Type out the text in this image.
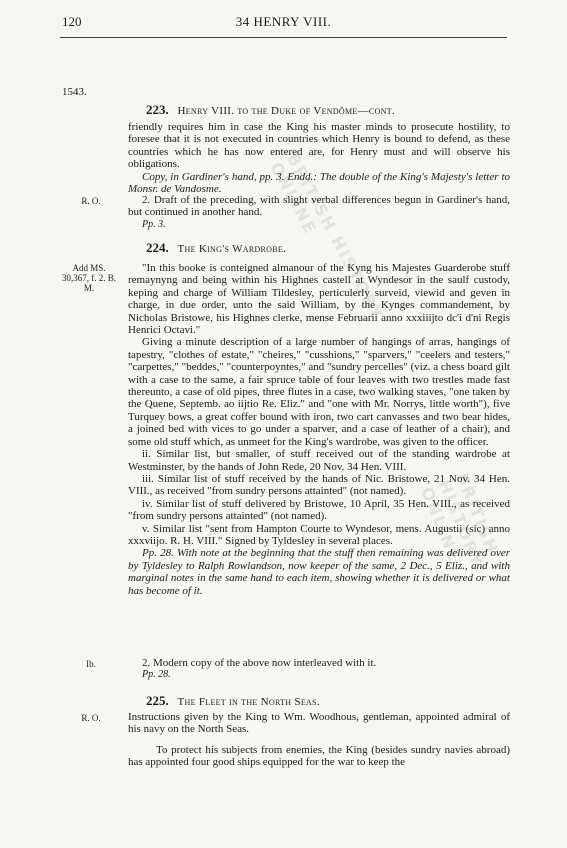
BRITISH HISTORY ONLINE
BRITISH HISTORY ONLINE
120	34 HENRY VIII.
1543.
223. Henry VIII. to the Duke of Vendôme—cont.

friendly requires him in case the King his master minds to prosecute hostility, to foresee that it is not executed in countries which Henry is bound to defend, as these countries which he has now entered are, for Henry must and will observe his obligations.

Copy, in Gardiner's hand, pp. 3. Endd.: The double of the King's Majesty's letter to Monsr. de Vandosme.

R. O.	2. Draft of the preceding, with slight verbal differences begun in Gardiner's hand, but continued in another hand.

Pp. 3.
224. The King's Wardrobe.
Add MS. 30,367, f. 2. B. M.

"In this booke is conteigned almanour of the Kyng his Majestes Guarderobe stuff remaynyng and being within his Highnes castell at Wyndesor in the saulf custody, keping and charge of William Tildesley, perticulerly surveid, viewid and geven in charge, in due order, unto the said William, by the Kynges commandement, by Nicholas Bristowe, his Highnes clerke, mense Februarii anno xxxiiijto dc'i d'ni Regis Henrici Octavi."

Giving a minute description of a large number of hangings of arras, hangings of tapestry, "clothes of estate," "cheires," "cusshions," "sparvers," "ceelers and testers," "carpettes," "beddes," "counterpoyntes," and "sundry percelles" (viz. a chess board gilt with a case to the same, a fair spruce table of four leaves with two trestles made fast thereunto, a case of old pipes, three flutes in a case, two walking staves, "one taken by the Quene, Septemb. ao iijtio Re. Eliz." and "one with Mr. Norrys, little worth"), five Turquey bows, a great coffer bound with iron, two cart canvasses and two bear hides, a joined bed with vices to go under a sparver, and a case of leather of a chair), and some old stuff which, as unmeet for the King's wardrobe, was given to the officer.

ii. Similar list, but smaller, of stuff received out of the standing wardrobe at Westminster, by the hands of John Rede, 20 Nov. 34 Hen. VIII.

iii. Similar list of stuff received by the hands of Nic. Bristowe, 21 Nov. 34 Hen. VIII., as received "from sundry persons attainted" (not named).

iv. Similar list of stuff delivered by Bristowe, 10 April, 35 Hen. VIII., as received "from sundry persons attainted" (not named).

v. Similar list "sent from Hampton Courte to Wyndesor, mens. Augustii (sic) anno xxxviijo. R. H. VIII." Signed by Tyldesley in several places.

Pp. 28. With note at the beginning that the stuff then remaining was delivered over by Tyldesley to Ralph Rowlandson, now keeper of the same, 2 Dec., 5 Eliz., and with marginal notes in the same hand to each item, showing whether it is delivered or what has become of it.

Ib.	2. Modern copy of the above now interleaved with it.

Pp. 28.
225. The Fleet in the North Seas.
R. O.	Instructions given by the King to Wm. Woodhous, gentleman, appointed admiral of his navy on the North Seas.

To protect his subjects from enemies, the King (besides sundry navies abroad) has appointed four good ships equipped for the war to keep the
